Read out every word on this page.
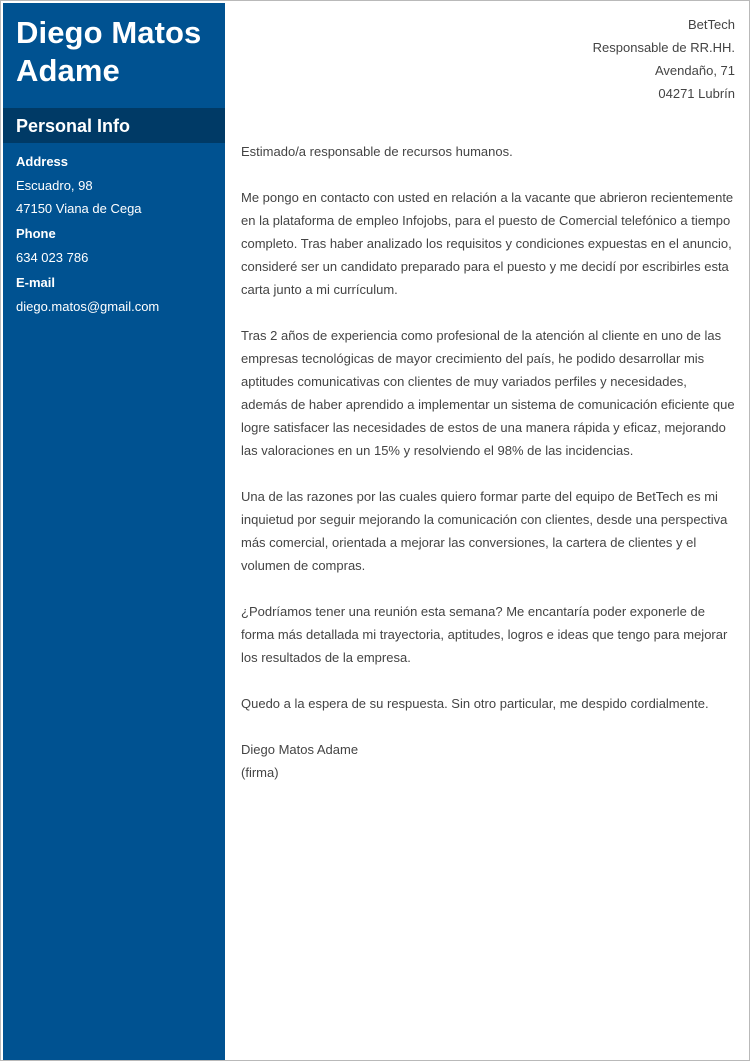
Diego Matos
Adame
Personal Info
Address
Escuadro, 98
47150 Viana de Cega
Phone
634 023 786
E-mail
diego.matos@gmail.com
BetTech
Responsable de RR.HH.
Avendaño, 71
04271 Lubrín

Estimado/a responsable de recursos humanos.

Me pongo en contacto con usted en relación a la vacante que abrieron recientemente en la plataforma de empleo Infojobs, para el puesto de Comercial telefónico a tiempo completo. Tras haber analizado los requisitos y condiciones expuestas en el anuncio, consideré ser un candidato preparado para el puesto y me decidí por escribirles esta carta junto a mi currículum.

Tras 2 años de experiencia como profesional de la atención al cliente en uno de las empresas tecnológicas de mayor crecimiento del país, he podido desarrollar mis aptitudes comunicativas con clientes de muy variados perfiles y necesidades, además de haber aprendido a implementar un sistema de comunicación eficiente que logre satisfacer las necesidades de estos de una manera rápida y eficaz, mejorando las valoraciones en un 15% y resolviendo el 98% de las incidencias.

Una de las razones por las cuales quiero formar parte del equipo de BetTech es mi inquietud por seguir mejorando la comunicación con clientes, desde una perspectiva más comercial, orientada a mejorar las conversiones, la cartera de clientes y el volumen de compras.

¿Podríamos tener una reunión esta semana? Me encantaría poder exponerle de forma más detallada mi trayectoria, aptitudes, logros e ideas que tengo para mejorar los resultados de la empresa.

Quedo a la espera de su respuesta. Sin otro particular, me despido cordialmente.

Diego Matos Adame
(firma)
